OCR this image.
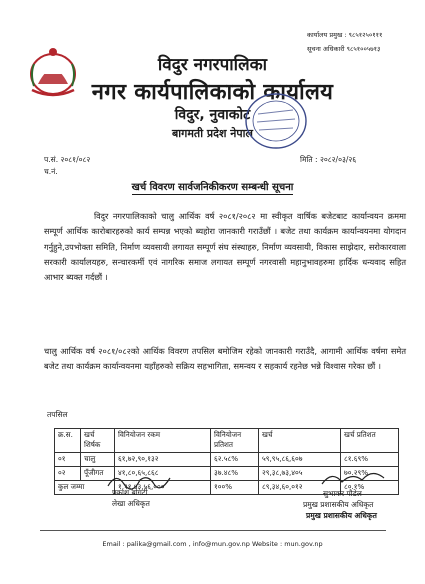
कार्यालय प्रमुख : ९८५१२५०१११
सूचना अधिकारी ९८५१००५७१३
विदुर नगरपालिका
नगर कार्यपालिकाको कार्यालय
विदुर, नुवाकोट
बागमती प्रदेश नेपाल
प.सं. २०८१/०८२
च.नं.
मिति : २०८२/०३/२६
खर्च विवरण सार्वजनिकीकरण सम्बन्धी सूचना
विदुर नगरपालिकाको चालु आर्थिक वर्ष २०८१/२०८२ मा स्वीकृत वार्षिक बजेटबाट कार्यान्वयन क्रममा सम्पूर्ण आर्थिक कारोबारहरुको कार्य सम्पन्न भएको ब्यहोरा जानकारी गराउँछौं । बजेट तथा कार्यक्रम कार्यान्वयनमा योगदान गर्नुहुने,उपभोक्ता समिति, निर्माण व्यवसायी लगायत सम्पूर्ण संघ संस्थाहरु, निर्माण व्यवसायी, विकास साझेदार, सरोकारवाला सरकारी कार्यालयहरु, सन्चारकर्मी एवं नागरिक समाज लगायत सम्पूर्ण नगरवासी महानुभावहरुमा हार्दिक धन्यवाद सहित आभार ब्यक्त गर्दछौं ।
चालु आर्थिक वर्ष २०८१/०८२को आर्थिक विवरण तपसिल बमोजिम रहेको जानकारी गराउँदै, आगामी आर्थिक वर्षमा समेत बजेट तथा कार्यक्रम कार्यान्वयनमा यहाँहरुको सक्रिय सहभागिता, समन्वय र सहकार्य रहनेछ भन्ने विश्वास गरेका छौं ।
तपसिल
क्र.स.	खर्च शिर्षक	विनियोजन रकम	विनियोजन प्रतिशत	खर्च	खर्च प्रतिशत
०१	चालु	६१,७२,९०,१३२	६२.५८%	५९,९५,८६,६०७	८१.६९%
०२	पूँजीगत	४१,८०,६५,८६८	३७.४८%	२९,३८,७३,४०५	७०.२९%
कुल जम्मा		१,११,५३,५६,०००	१००%	८९,३४,६०,०१२	८०.१%
प्रकाश बोगटी
लेखा अधिकृत
सुभाकर पौडेल
प्रमुख प्रशासकीय अधिकृत
प्रमुख प्रशासकीय अधिकृत
Email : palika@gmail.com , info@mun.gov.np Website : mun.gov.np
